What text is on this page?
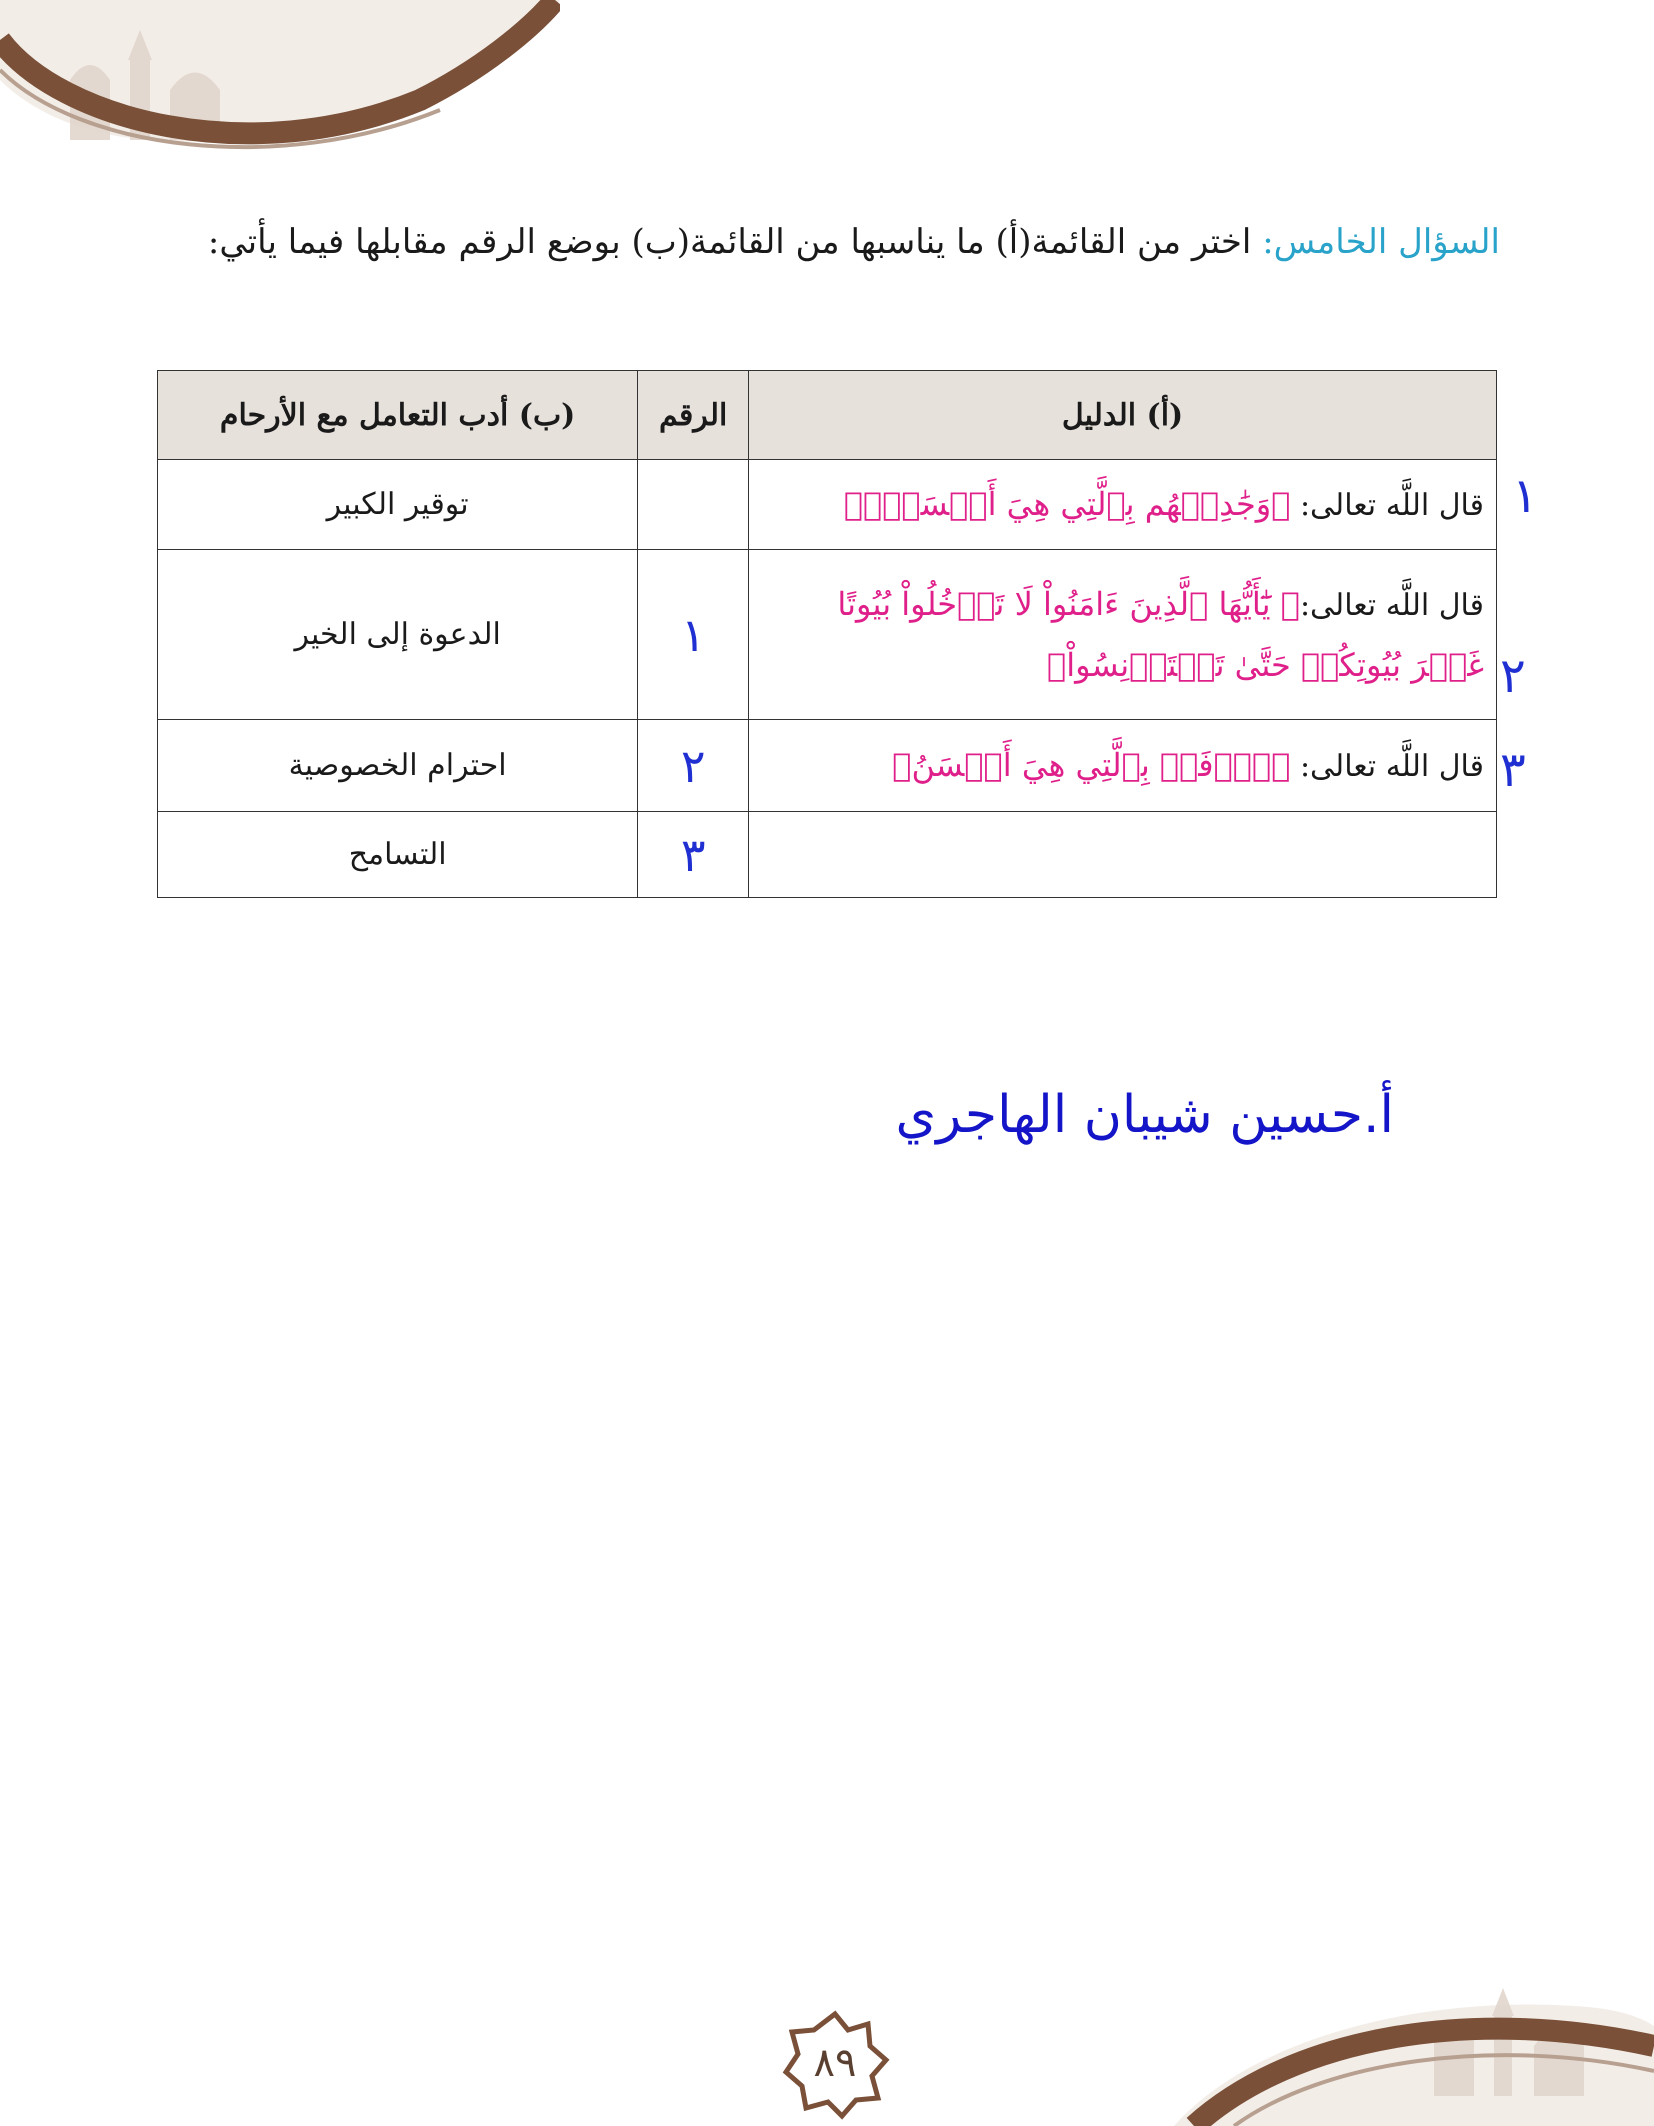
السؤال الخامس: اختر من القائمة(أ) ما يناسبها من القائمة(ب) بوضع الرقم مقابلها فيما يأتي:
(أ) الدليل	الرقم	(ب) أدب التعامل مع الأرحام
قال اللَّه تعالى: ﴿وَجَٰدِلۡهُم بِٱلَّتِي هِيَ أَحۡسَنُۚ﴾		توقير الكبير
قال اللَّه تعالى:﴿ يَٰٓأَيُّهَا ٱلَّذِينَ ءَامَنُواْ لَا تَدۡخُلُواْ بُيُوتًا غَيۡرَ بُيُوتِكُمۡ حَتَّىٰ تَسۡتَأۡنِسُواْ﴾	١	الدعوة إلى الخير
قال اللَّه تعالى: ﴿ٱدۡفَعۡ بِٱلَّتِي هِيَ أَحۡسَنُ﴾	٢	احترام الخصوصية
	٣	التسامح
١
٢
٣
أ.حسين شيبان الهاجري
٨٩
